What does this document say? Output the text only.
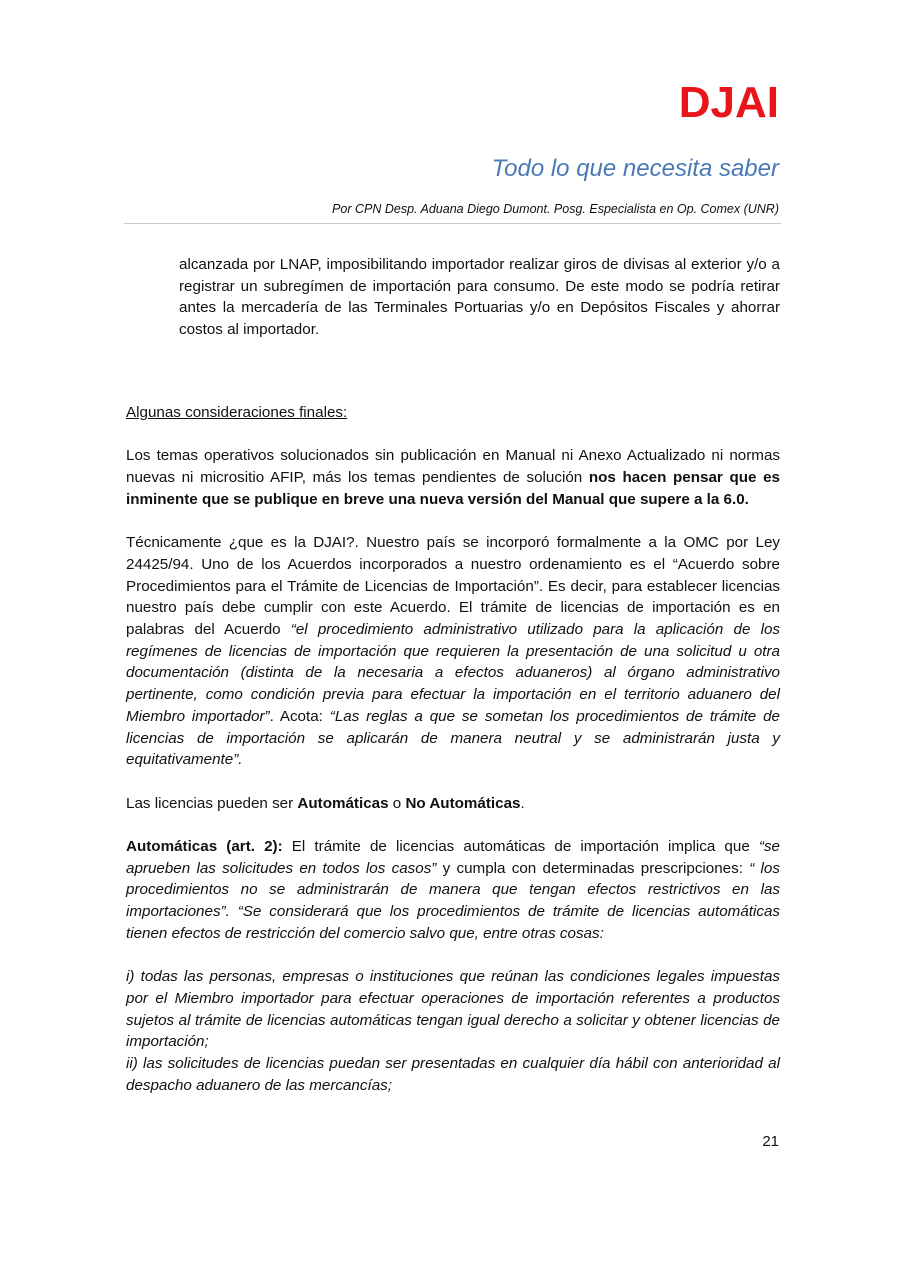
DJAI
Todo lo que necesita saber
Por CPN Desp. Aduana Diego Dumont. Posg. Especialista en Op. Comex (UNR)

alcanzada por LNAP, imposibilitando importador realizar giros de divisas al exterior y/o a registrar un subregímen de importación para consumo. De este modo se podría retirar antes la mercadería de las Terminales Portuarias y/o en Depósitos Fiscales y ahorrar costos al importador.

Algunas consideraciones finales:

Los temas operativos solucionados sin publicación en Manual ni Anexo Actualizado ni normas nuevas ni micrositio AFIP, más los temas pendientes de solución nos hacen pensar que es inminente que se publique en breve una nueva versión del Manual que supere a la 6.0.

Técnicamente ¿que es la DJAI?. Nuestro país se incorporó formalmente a la OMC por Ley 24425/94. Uno de los Acuerdos incorporados a nuestro ordenamiento es el “Acuerdo sobre Procedimientos para el Trámite de Licencias de Importación”. Es decir, para establecer licencias nuestro país debe cumplir con este Acuerdo. El trámite de licencias de importación es en palabras del Acuerdo “el procedimiento administrativo utilizado para la aplicación de los regímenes de licencias de importación que requieren la presentación de una solicitud u otra documentación (distinta de la necesaria a efectos aduaneros) al órgano administrativo pertinente, como condición previa para efectuar la importación en el territorio aduanero del Miembro importador”. Acota: “Las reglas a que se sometan los procedimientos de trámite de licencias de importación se aplicarán de manera neutral y se administrarán justa y equitativamente”.

Las licencias pueden ser Automáticas o No Automáticas.

Automáticas (art. 2): El trámite de licencias automáticas de importación implica que “se aprueben las solicitudes en todos los casos” y cumpla con determinadas prescripciones: “ los procedimientos no se administrarán de manera que tengan efectos restrictivos en las importaciones”. “Se considerará que los procedimientos de trámite de licencias automáticas tienen efectos de restricción del comercio salvo que, entre otras cosas:

i) todas las personas, empresas o instituciones que reúnan las condiciones legales impuestas por el Miembro importador para efectuar operaciones de importación referentes a productos sujetos al trámite de licencias automáticas tengan igual derecho a solicitar y obtener licencias de importación;

ii) las solicitudes de licencias puedan ser presentadas en cualquier día hábil con anterioridad al despacho aduanero de las mercancías;

21
